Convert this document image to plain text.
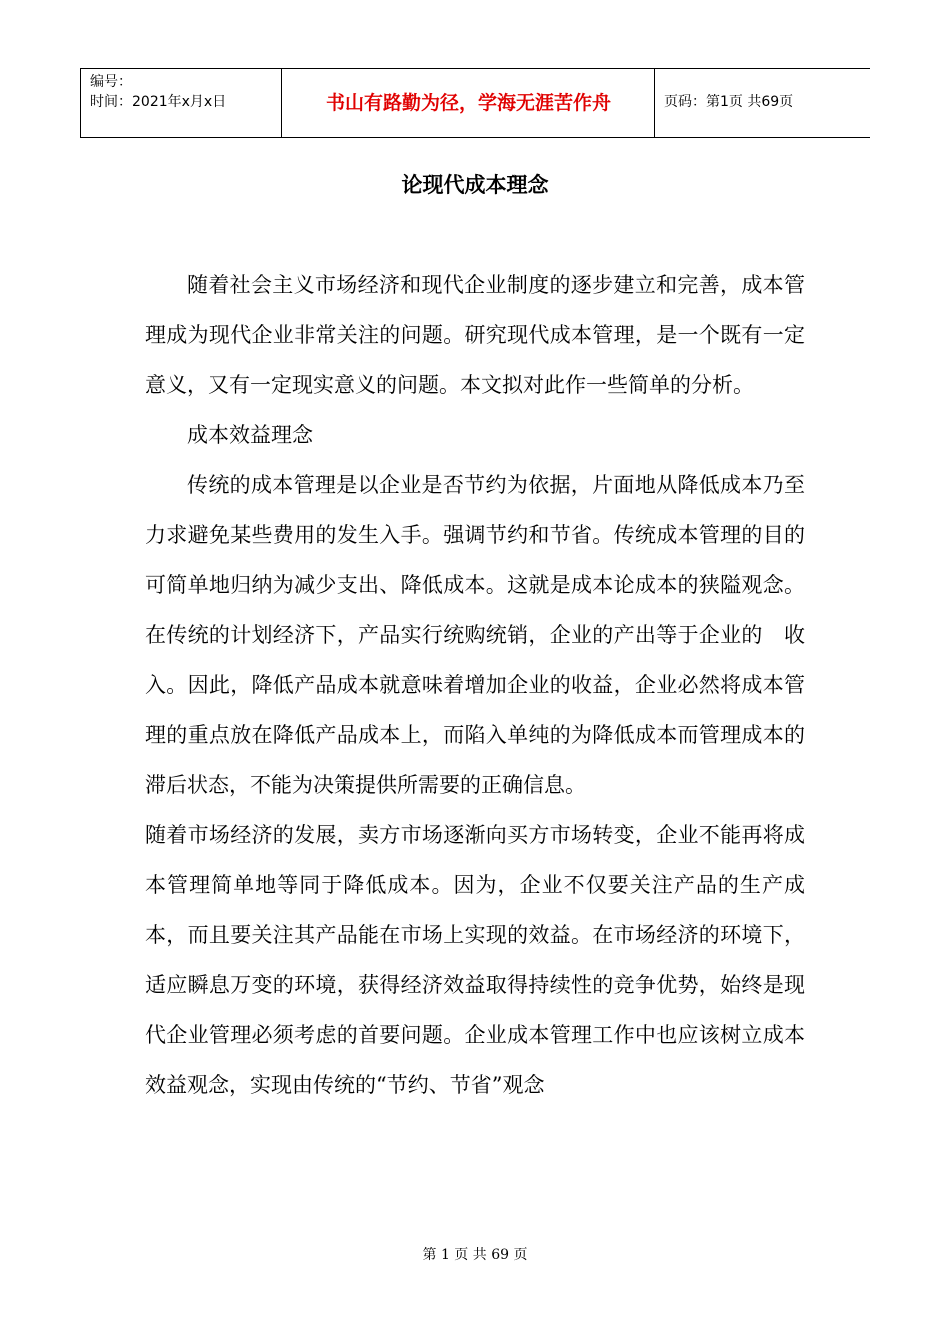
编号：
时间：2021年x月x日	书山有路勤为径，学海无涯苦作舟	页码：第1页 共69页
论现代成本理念

随着社会主义市场经济和现代企业制度的逐步建立和完善，成本管理成为现代企业非常关注的问题。研究现代成本管理，是一个既有一定意义，又有一定现实意义的问题。本文拟对此作一些简单的分析。

成本效益理念

传统的成本管理是以企业是否节约为依据，片面地从降低成本乃至力求避免某些费用的发生入手。强调节约和节省。传统成本管理的目的可简单地归纳为减少支出、降低成本。这就是成本论成本的狭隘观念。在传统的计划经济下，产品实行统购统销，企业的产出等于企业的　收入。因此，降低产品成本就意味着增加企业的收益，企业必然将成本管理的重点放在降低产品成本上，而陷入单纯的为降低成本而管理成本的滞后状态，不能为决策提供所需要的正确信息。

随着市场经济的发展，卖方市场逐渐向买方市场转变，企业不能再将成本管理简单地等同于降低成本。因为，企业不仅要关注产品的生产成本，而且要关注其产品能在市场上实现的效益。在市场经济的环境下，适应瞬息万变的环境，获得经济效益取得持续性的竞争优势，始终是现代企业管理必须考虑的首要问题。企业成本管理工作中也应该树立成本效益观念，实现由传统的“节约、节省”观念

第 1 页 共 69 页
